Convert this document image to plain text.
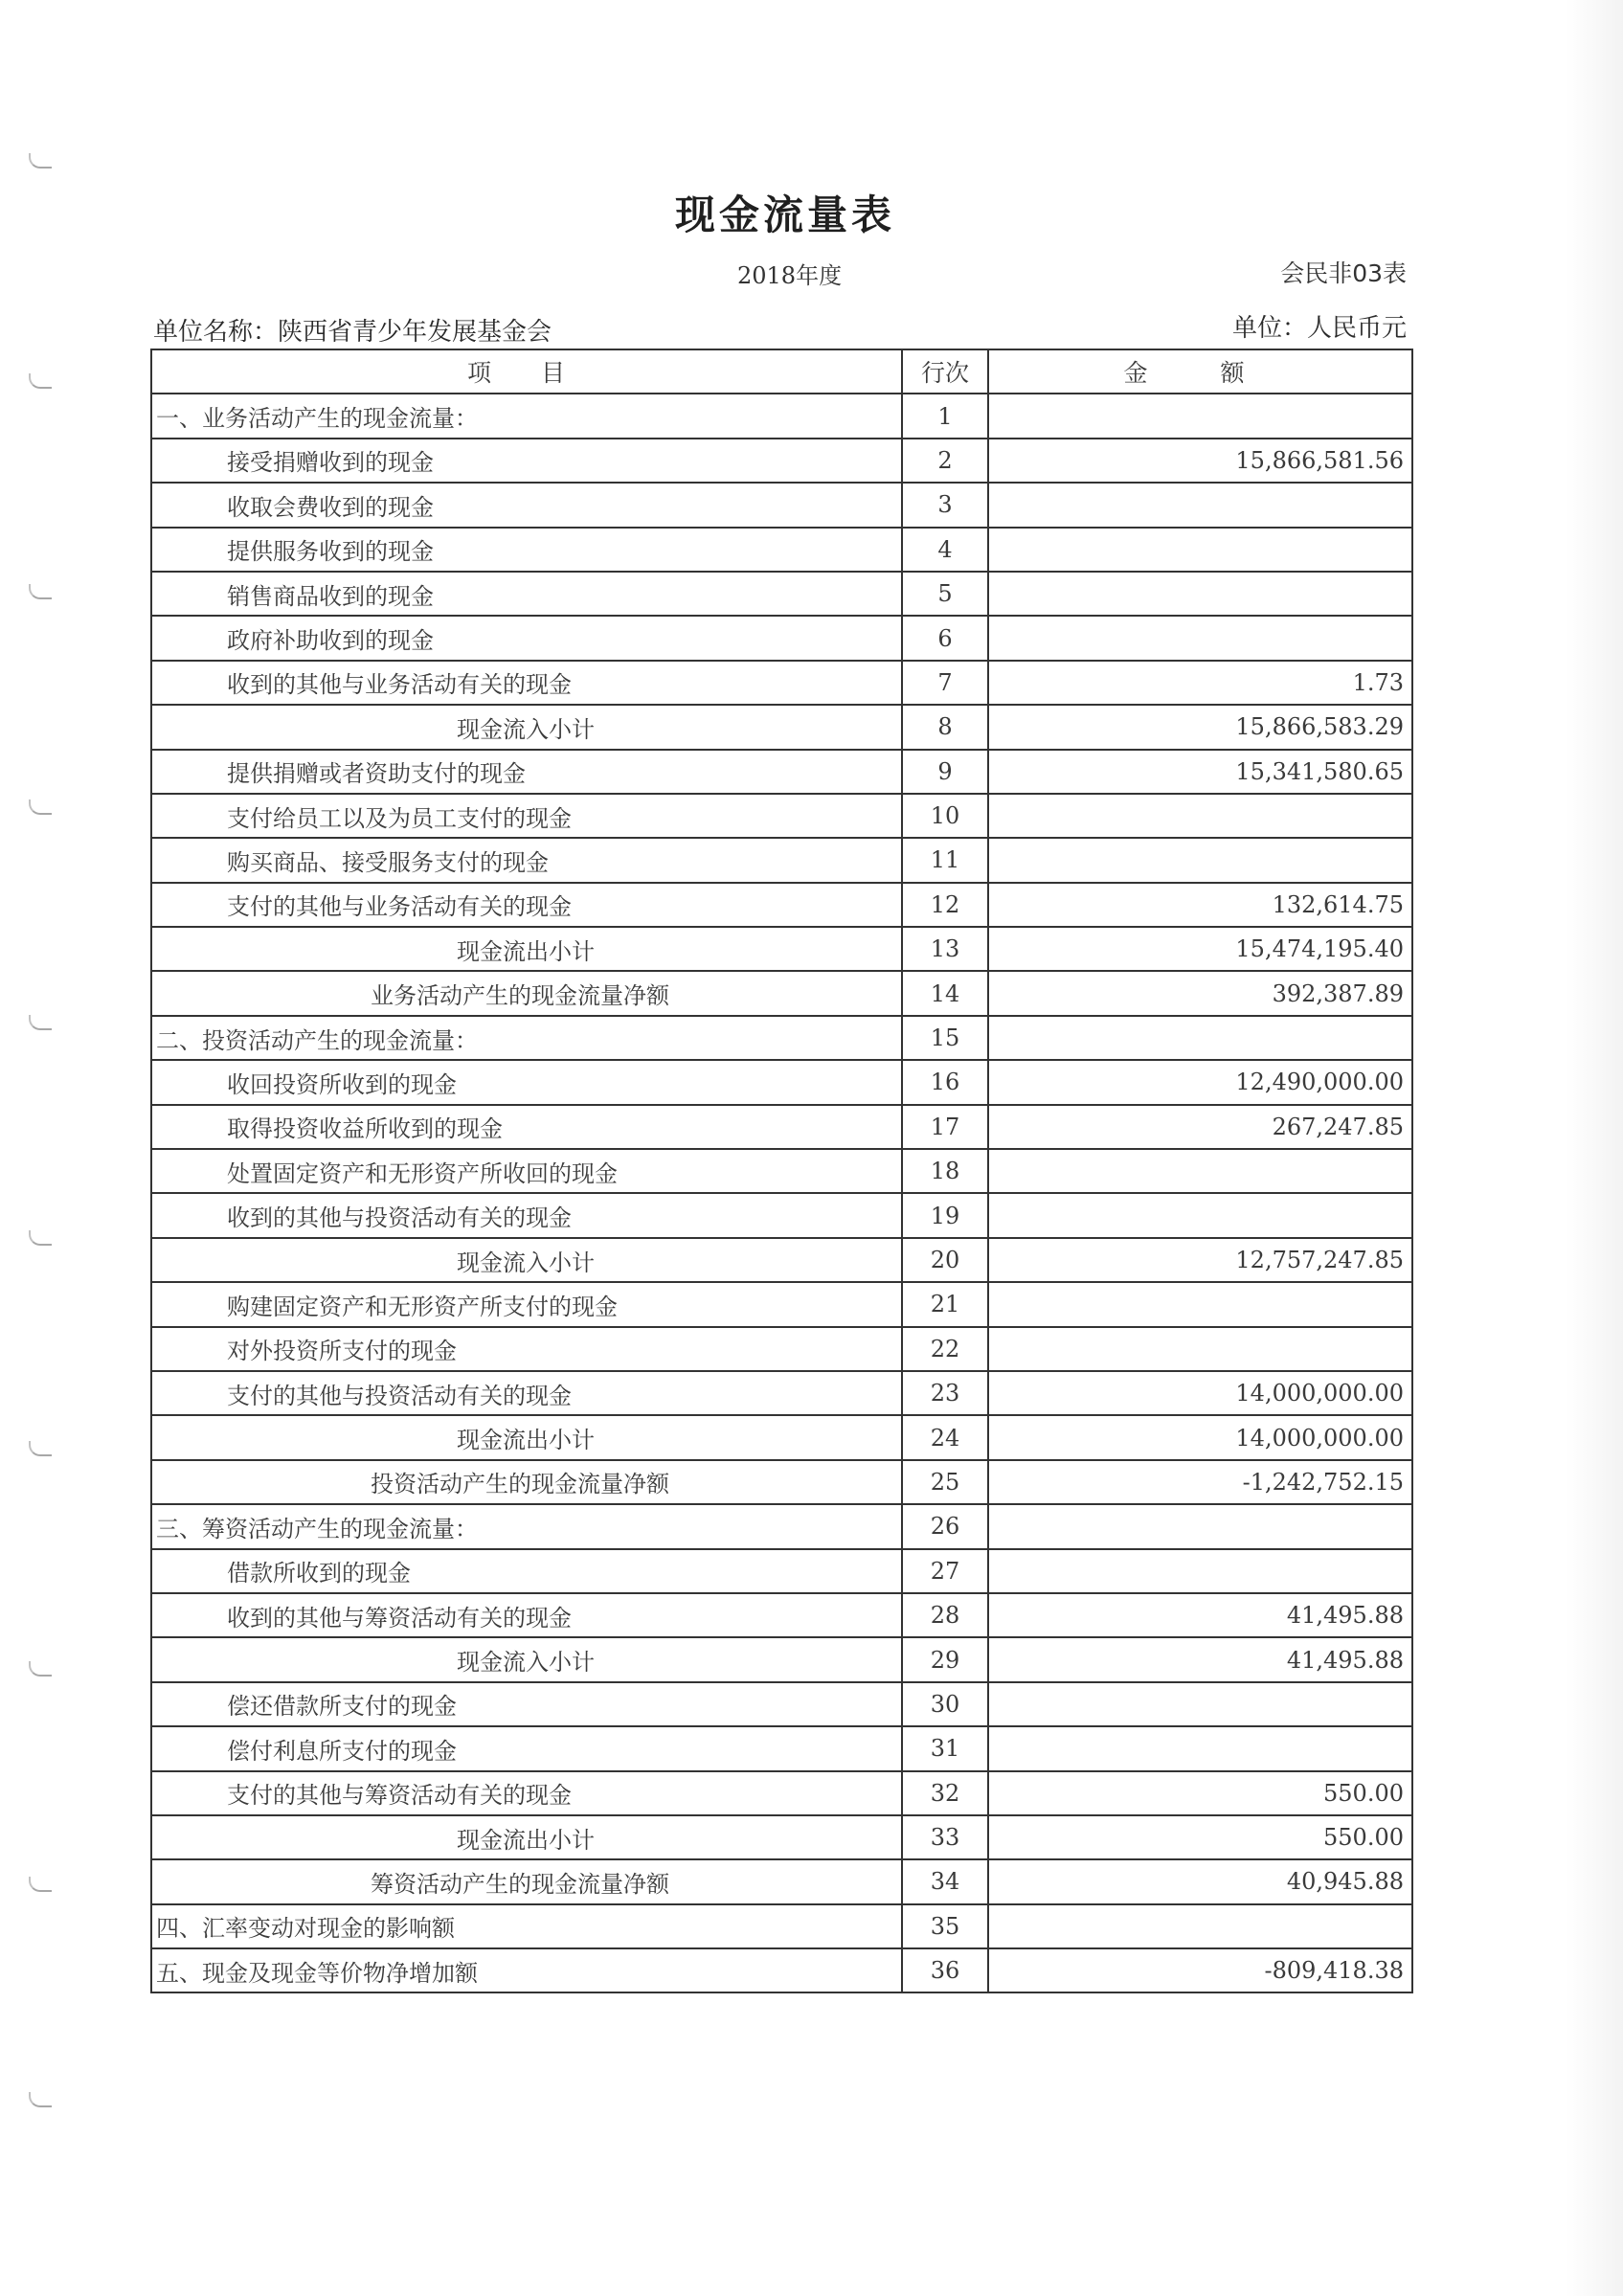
现金流量表
2018年度	会民非03表
单位名称：陕西省青少年发展基金会	单位：人民币元
项 目	行次	金 额
一、业务活动产生的现金流量：	1	
接受捐赠收到的现金	2	15,866,581.56
收取会费收到的现金	3	
提供服务收到的现金	4	
销售商品收到的现金	5	
政府补助收到的现金	6	
收到的其他与业务活动有关的现金	7	1.73
现金流入小计	8	15,866,583.29
提供捐赠或者资助支付的现金	9	15,341,580.65
支付给员工以及为员工支付的现金	10	
购买商品、接受服务支付的现金	11	
支付的其他与业务活动有关的现金	12	132,614.75
现金流出小计	13	15,474,195.40
业务活动产生的现金流量净额	14	392,387.89
二、投资活动产生的现金流量：	15	
收回投资所收到的现金	16	12,490,000.00
取得投资收益所收到的现金	17	267,247.85
处置固定资产和无形资产所收回的现金	18	
收到的其他与投资活动有关的现金	19	
现金流入小计	20	12,757,247.85
购建固定资产和无形资产所支付的现金	21	
对外投资所支付的现金	22	
支付的其他与投资活动有关的现金	23	14,000,000.00
现金流出小计	24	14,000,000.00
投资活动产生的现金流量净额	25	-1,242,752.15
三、筹资活动产生的现金流量：	26	
借款所收到的现金	27	
收到的其他与筹资活动有关的现金	28	41,495.88
现金流入小计	29	41,495.88
偿还借款所支付的现金	30	
偿付利息所支付的现金	31	
支付的其他与筹资活动有关的现金	32	550.00
现金流出小计	33	550.00
筹资活动产生的现金流量净额	34	40,945.88
四、汇率变动对现金的影响额	35	
五、现金及现金等价物净增加额	36	-809,418.38
